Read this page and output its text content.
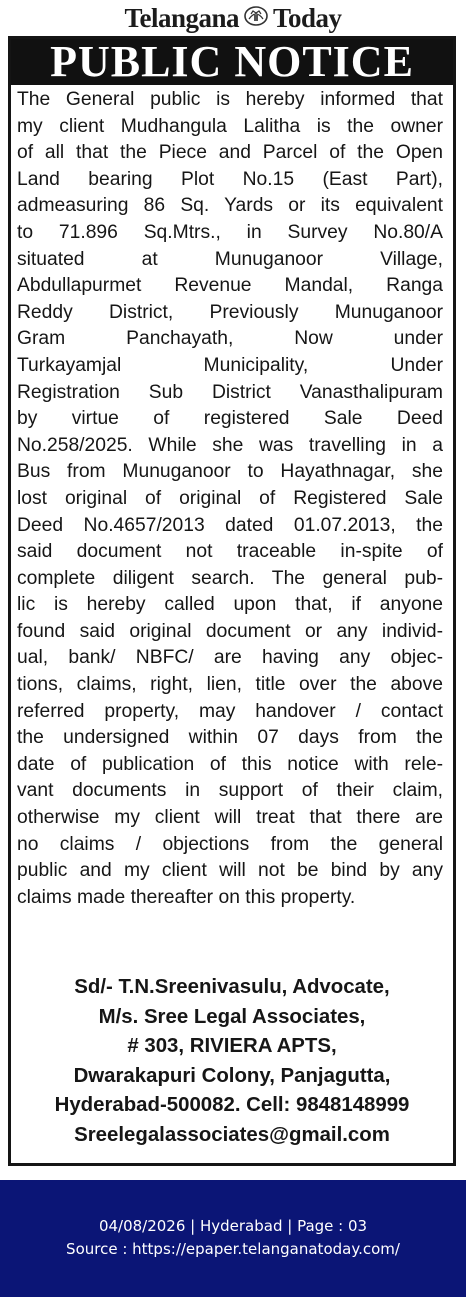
Telangana Today
PUBLIC NOTICE
The General public is hereby informed that
my client Mudhangula Lalitha is the owner
of all that the Piece and Parcel of the Open
Land bearing Plot No.15 (East Part),
admeasuring 86 Sq. Yards or its equivalent
to 71.896 Sq.Mtrs., in Survey No.80/A
situated at Munuganoor Village,
Abdullapurmet Revenue Mandal, Ranga
Reddy District, Previously Munuganoor
Gram Panchayath, Now under
Turkayamjal Municipality, Under
Registration Sub District Vanasthalipuram
by virtue of registered Sale Deed
No.258/2025. While she was travelling in a
Bus from Munuganoor to Hayathnagar, she
lost original of original of Registered Sale
Deed No.4657/2013 dated 01.07.2013, the
said document not traceable in-spite of
complete diligent search. The general pub-
lic is hereby called upon that, if anyone
found said original document or any individ-
ual, bank/ NBFC/ are having any objec-
tions, claims, right, lien, title over the above
referred property, may handover / contact
the undersigned within 07 days from the
date of publication of this notice with rele-
vant documents in support of their claim,
otherwise my client will treat that there are
no claims / objections from the general
public and my client will not be bind by any
claims made thereafter on this property.
Sd/- T.N.Sreenivasulu, Advocate,
M/s. Sree Legal Associates,
# 303, RIVIERA APTS,
Dwarakapuri Colony, Panjagutta,
Hyderabad-500082. Cell: 9848148999
Sreelegalassociates@gmail.com
04/08/2026 | Hyderabad | Page : 03
Source : https://epaper.telanganatoday.com/
